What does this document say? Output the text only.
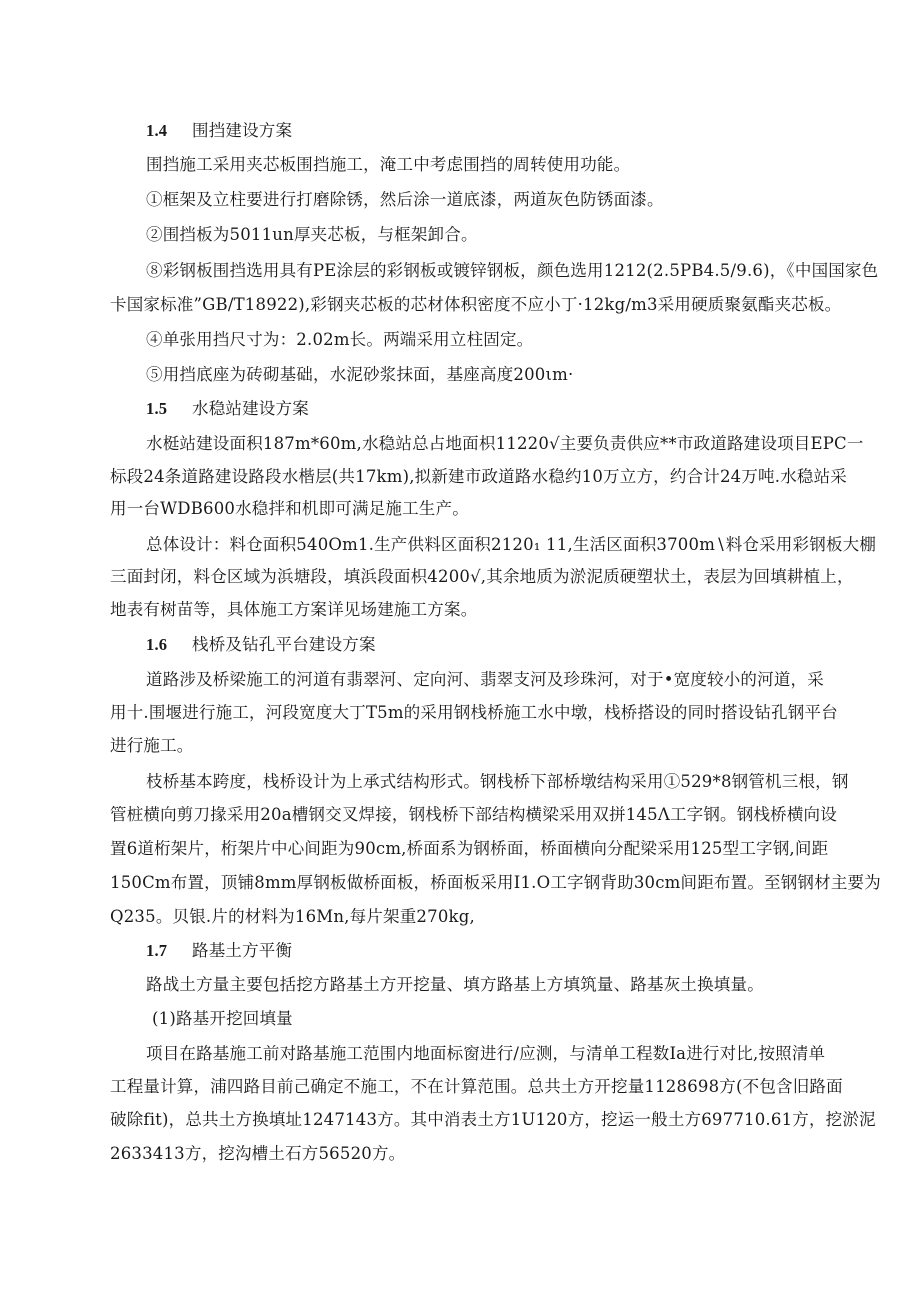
1.4 围挡建设方案
围挡施工采用夹芯板围挡施工，淹工中考虑围挡的周转使用功能。
①框架及立柱要进行打磨除锈，然后涂一道底漆，两道灰色防锈面漆。
②围挡板为5011un厚夹芯板，与框架卸合。
⑧彩钢板围挡选用具有PE涂层的彩钢板或镀锌钢板，颜色选用1212(2.5PB4.5/9.6)，《中国国家色
卡国家标准”GB/T18922),彩钢夹芯板的芯材体积密度不应小丁·12kg∕m3采用硬质聚氨酯夹芯板。
④单张用挡尺寸为：2.02m长。两端采用立柱固定。
⑤用挡底座为砖砌基础，水泥砂浆抹面，基座高度200ιm·
1.5 水稳站建设方案
水梃站建设面积187m*60m,水稳站总占地面枳11220√主要负责供应**市政道路建设项目EPC一
标段24条道路建设路段水楷层(共17km),拟新建市政道路水稳约10万立方，约合计24万吨.水稳站采
用一台WDB600水稳拌和机即可满足施工生产。
总体设计：料仓面积540Om1.生产供料区面积2120₁ 11,生活区面积3700m∖料仓采用彩钢板大棚
三面封闭，料仓区域为浜塘段，填浜段面枳4200√,其余地质为淤泥质硬塑状土，表层为回填耕植上，
地表有树苗等，具体施工方案详见场建施工方案。
1.6 栈桥及钻孔平台建设方案
道路涉及桥梁施工的河道有翡翠河、定向河、翡翠支河及珍珠河，对于•宽度较小的河道，采
用十.围堰进行施工，河段宽度大丁T5m的采用钢栈桥施工水中墩，栈桥搭设的同时搭设钻孔钢平台
进行施工。
枝桥基本跨度，栈桥设计为上承式结构形式。钢栈桥下部桥墩结构采用①529*8钢管机三根，钢
管桩横向剪刀掾采用20a槽钢交叉焊接，钢栈桥下部结构横梁采用双拼145Λ工字钢。钢栈桥横向设
置6道桁架片，桁架片中心间距为90cm,桥面系为钢桥面，桥面横向分配梁采用125型工字钢,间距
150Cm布置，顶铺8mm厚钢板做桥面板，桥面板采用I1.O工字钢背助30cm间距布置。至钢钢材主要为
Q235。贝银.片的材料为16Mn,每片架重270kg,
1.7 路基土方平衡
路战土方量主要包括挖方路基土方开挖量、填方路基上方填筑量、路基灰土换填量。
(1)路基开挖回填量
项目在路基施工前对路基施工范围内地面标窗进行/应测，与清单工程数Ia进行对比,按照清单
工程量计算，浦四路目前己确定不施工，不在计算范围。总共土方开挖量1128698方(不包含旧路面
破除fit)，总共土方换填址1247143方。其中消表土方1U120方，挖运一般土方697710.61方，挖淤泥
2633413方，挖沟槽土石方56520方。
